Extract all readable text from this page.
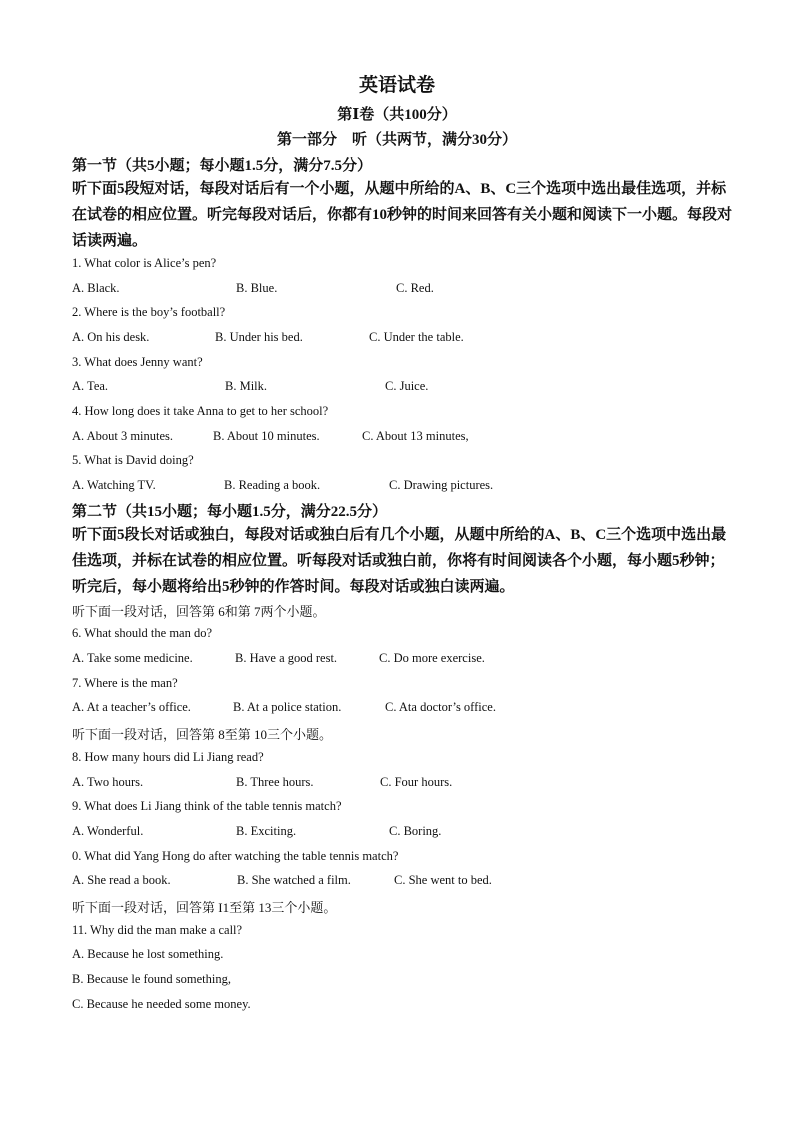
英语试卷
第Ⅰ卷（共100分）
第一部分　听（共两节，满分30分）
第一节（共5小题；每小题1.5分，满分7.5分）
听下面5段短对话，每段对话后有一个小题，从题中所给的A、B、C三个选项中选出最佳选项，并标在试卷的相应位置。听完每段对话后，你都有10秒钟的时间来回答有关小题和阅读下一小题。每段对话读两遍。
1. What color is Alice’s pen?
A. Black.	B. Blue.	C. Red.
2. Where is the boy’s football?
A. On his desk.	B. Under his bed.	C. Under the table.
3. What does Jenny want?
A. Tea.	B. Milk.	C. Juice.
4. How long does it take Anna to get to her school?
A. About 3 minutes.	B. About 10 minutes.	C. About 13 minutes,
5. What is David doing?
A. Watching TV.	B. Reading a book.	C. Drawing pictures.
第二节（共15小题；每小题1.5分，满分22.5分）
听下面5段长对话或独白，每段对话或独白后有几个小题，从题中所给的A、B、C三个选项中选出最佳选项，并标在试卷的相应位置。听每段对话或独白前，你将有时间阅读各个小题，每小题5秒钟；听完后，每小题将给出5秒钟的作答时间。每段对话或独白读两遍。
听下面一段对话，回答第 6和第 7两个小题。
6. What should the man do?
A. Take some medicine.	B. Have a good rest.	C. Do more exercise.
7. Where is the man?
A. At a teacher’s office.	B. At a police station.	C. Ata doctor’s office.
听下面一段对话，回答第 8至第 10三个小题。
8. How many hours did Li Jiang read?
A. Two hours.	B. Three hours.	C. Four hours.
9. What does Li Jiang think of the table tennis match?
A. Wonderful.	B. Exciting.	C. Boring.
0. What did Yang Hong do after watching the table tennis match?
A. She read a book.	B. She watched a film.	C. She went to bed.
听下面一段对话，回答第 I1至第 13三个小题。
11. Why did the man make a call?
A. Because he lost something.
B. Because le found something,
C. Because he needed some money.
